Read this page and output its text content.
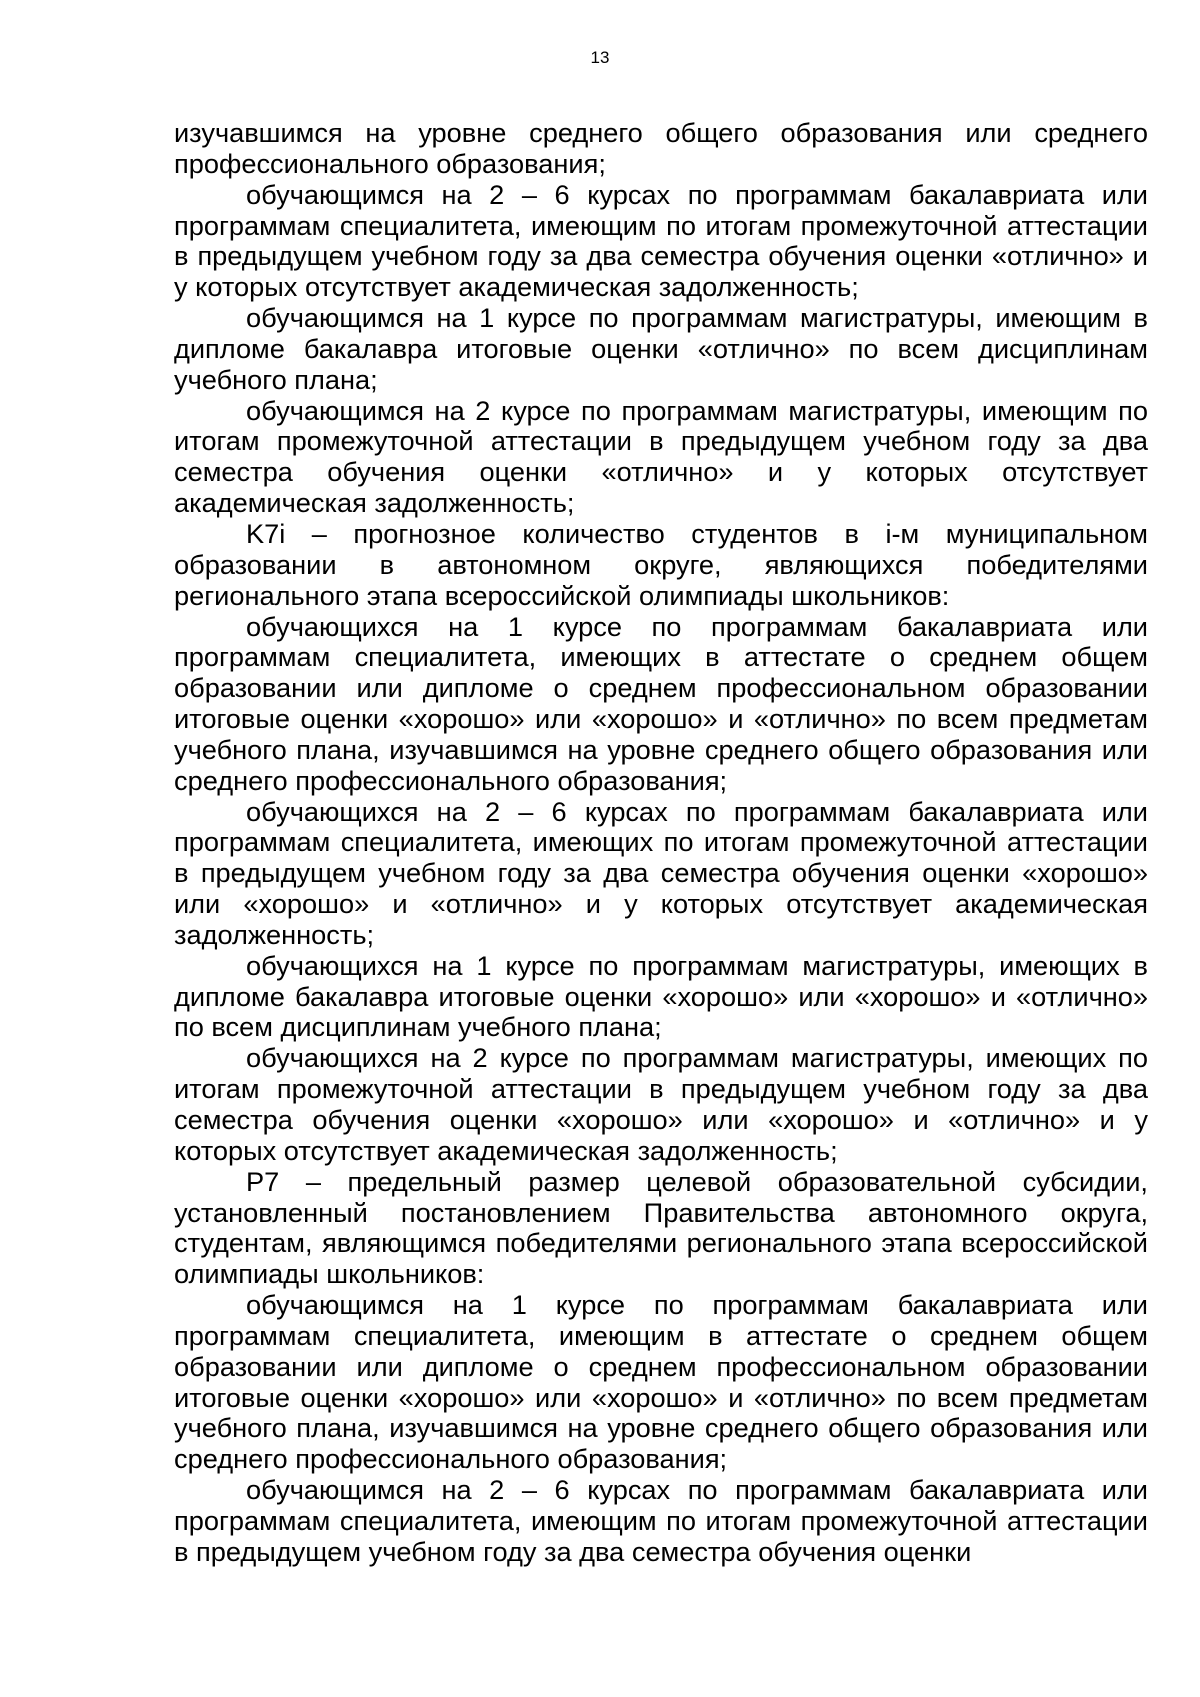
13

изучавшимся на уровне среднего общего образования или среднего профессионального образования;

обучающимся на 2 – 6 курсах по программам бакалавриата или программам специалитета, имеющим по итогам промежуточной аттестации в предыдущем учебном году за два семестра обучения оценки «отлично» и у которых отсутствует академическая задолженность;

обучающимся на 1 курсе по программам магистратуры, имеющим в дипломе бакалавра итоговые оценки «отлично» по всем дисциплинам учебного плана;

обучающимся на 2 курсе по программам магистратуры, имеющим по итогам промежуточной аттестации в предыдущем учебном году за два семестра обучения оценки «отлично» и у которых отсутствует академическая задолженность;

K7i – прогнозное количество студентов в i-м муниципальном образовании в автономном округе, являющихся победителями регионального этапа всероссийской олимпиады школьников:

обучающихся на 1 курсе по программам бакалавриата или программам специалитета, имеющих в аттестате о среднем общем образовании или дипломе о среднем профессиональном образовании итоговые оценки «хорошо» или «хорошо» и «отлично» по всем предметам учебного плана, изучавшимся на уровне среднего общего образования или среднего профессионального образования;

обучающихся на 2 – 6 курсах по программам бакалавриата или программам специалитета, имеющих по итогам промежуточной аттестации в предыдущем учебном году за два семестра обучения оценки «хорошо» или «хорошо» и «отлично» и у которых отсутствует академическая задолженность;

обучающихся на 1 курсе по программам магистратуры, имеющих в дипломе бакалавра итоговые оценки «хорошо» или «хорошо» и «отлично» по всем дисциплинам учебного плана;

обучающихся на 2 курсе по программам магистратуры, имеющих по итогам промежуточной аттестации в предыдущем учебном году за два семестра обучения оценки «хорошо» или «хорошо» и «отлично» и у которых отсутствует академическая задолженность;

P7 – предельный размер целевой образовательной субсидии, установленный постановлением Правительства автономного округа, студентам, являющимся победителями регионального этапа всероссийской олимпиады школьников:

обучающимся на 1 курсе по программам бакалавриата или программам специалитета, имеющим в аттестате о среднем общем образовании или дипломе о среднем профессиональном образовании итоговые оценки «хорошо» или «хорошо» и «отлично» по всем предметам учебного плана, изучавшимся на уровне среднего общего образования или среднего профессионального образования;

обучающимся на 2 – 6 курсах по программам бакалавриата или программам специалитета, имеющим по итогам промежуточной аттестации в предыдущем учебном году за два семестра обучения оценки
